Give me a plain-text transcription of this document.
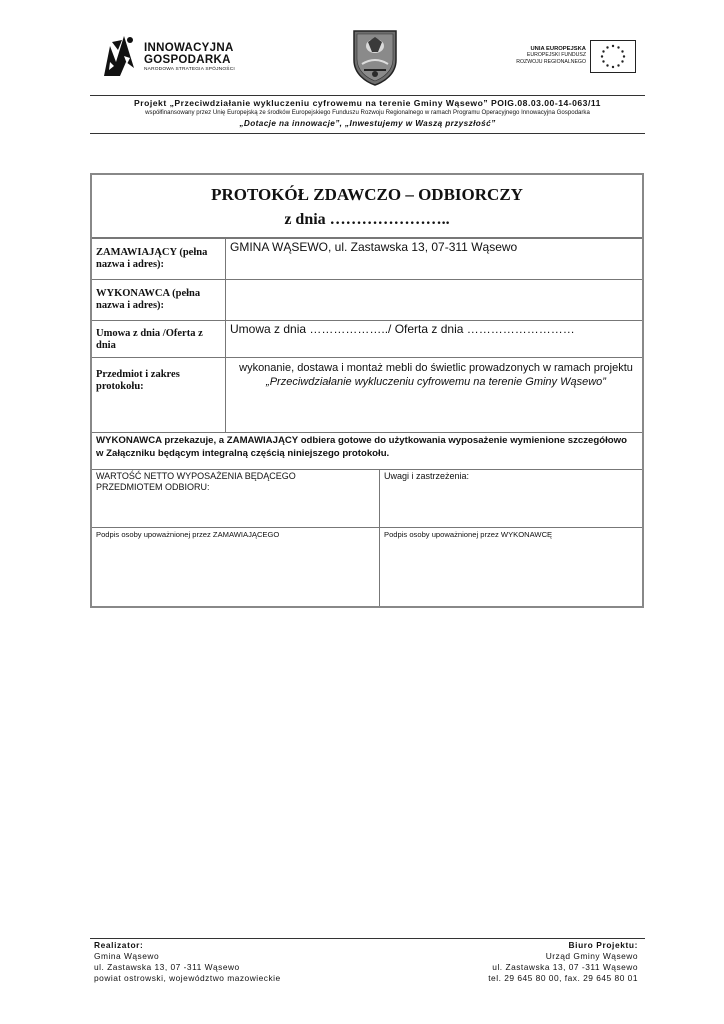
INNOWACYJNA
GOSPODARKA
NARODOWA STRATEGIA SPÓJNOŚCI
UNIA EUROPEJSKA
EUROPEJSKI FUNDUSZ
ROZWOJU REGIONALNEGO
Projekt „Przeciwdziałanie wykluczeniu cyfrowemu na terenie Gminy Wąsewo” POIG.08.03.00-14-063/11
współfinansowany przez Unię Europejską ze środków Europejskiego Funduszu Rozwoju Regionalnego w ramach Programu Operacyjnego Innowacyjna Gospodarka
„Dotacje na innowacje”, „Inwestujemy w Waszą przyszłość”
PROTOKÓŁ ZDAWCZO – ODBIORCZY
z dnia …………………..
ZAMAWIAJĄCY (pełna nazwa i adres):
GMINA WĄSEWO, ul. Zastawska 13, 07-311 Wąsewo
WYKONAWCA (pełna nazwa i adres):
Umowa z dnia /Oferta z dnia
Umowa z dnia ………………../ Oferta z dnia ………………………
Przedmiot i zakres protokołu:
wykonanie, dostawa i montaż mebli do świetlic prowadzonych w ramach projektu
„Przeciwdziałanie wykluczeniu cyfrowemu na terenie Gminy Wąsewo”
WYKONAWCA przekazuje, a ZAMAWIAJĄCY odbiera gotowe do użytkowania wyposażenie wymienione szczegółowo
w Załączniku będącym integralną częścią niniejszego protokołu.
WARTOŚĆ NETTO WYPOSAŻENIA BĘDĄCEGO
PRZEDMIOTEM ODBIORU:
Uwagi i zastrzeżenia:
Podpis osoby upoważnionej przez ZAMAWIAJĄCEGO	Podpis osoby upoważnionej przez WYKONAWCĘ
Realizator:
Gmina Wąsewo
ul. Zastawska 13, 07 -311 Wąsewo
powiat ostrowski, województwo mazowieckie
Biuro Projektu:
Urząd Gminy Wąsewo
ul. Zastawska 13, 07 -311 Wąsewo
tel. 29 645 80 00, fax. 29 645 80 01
